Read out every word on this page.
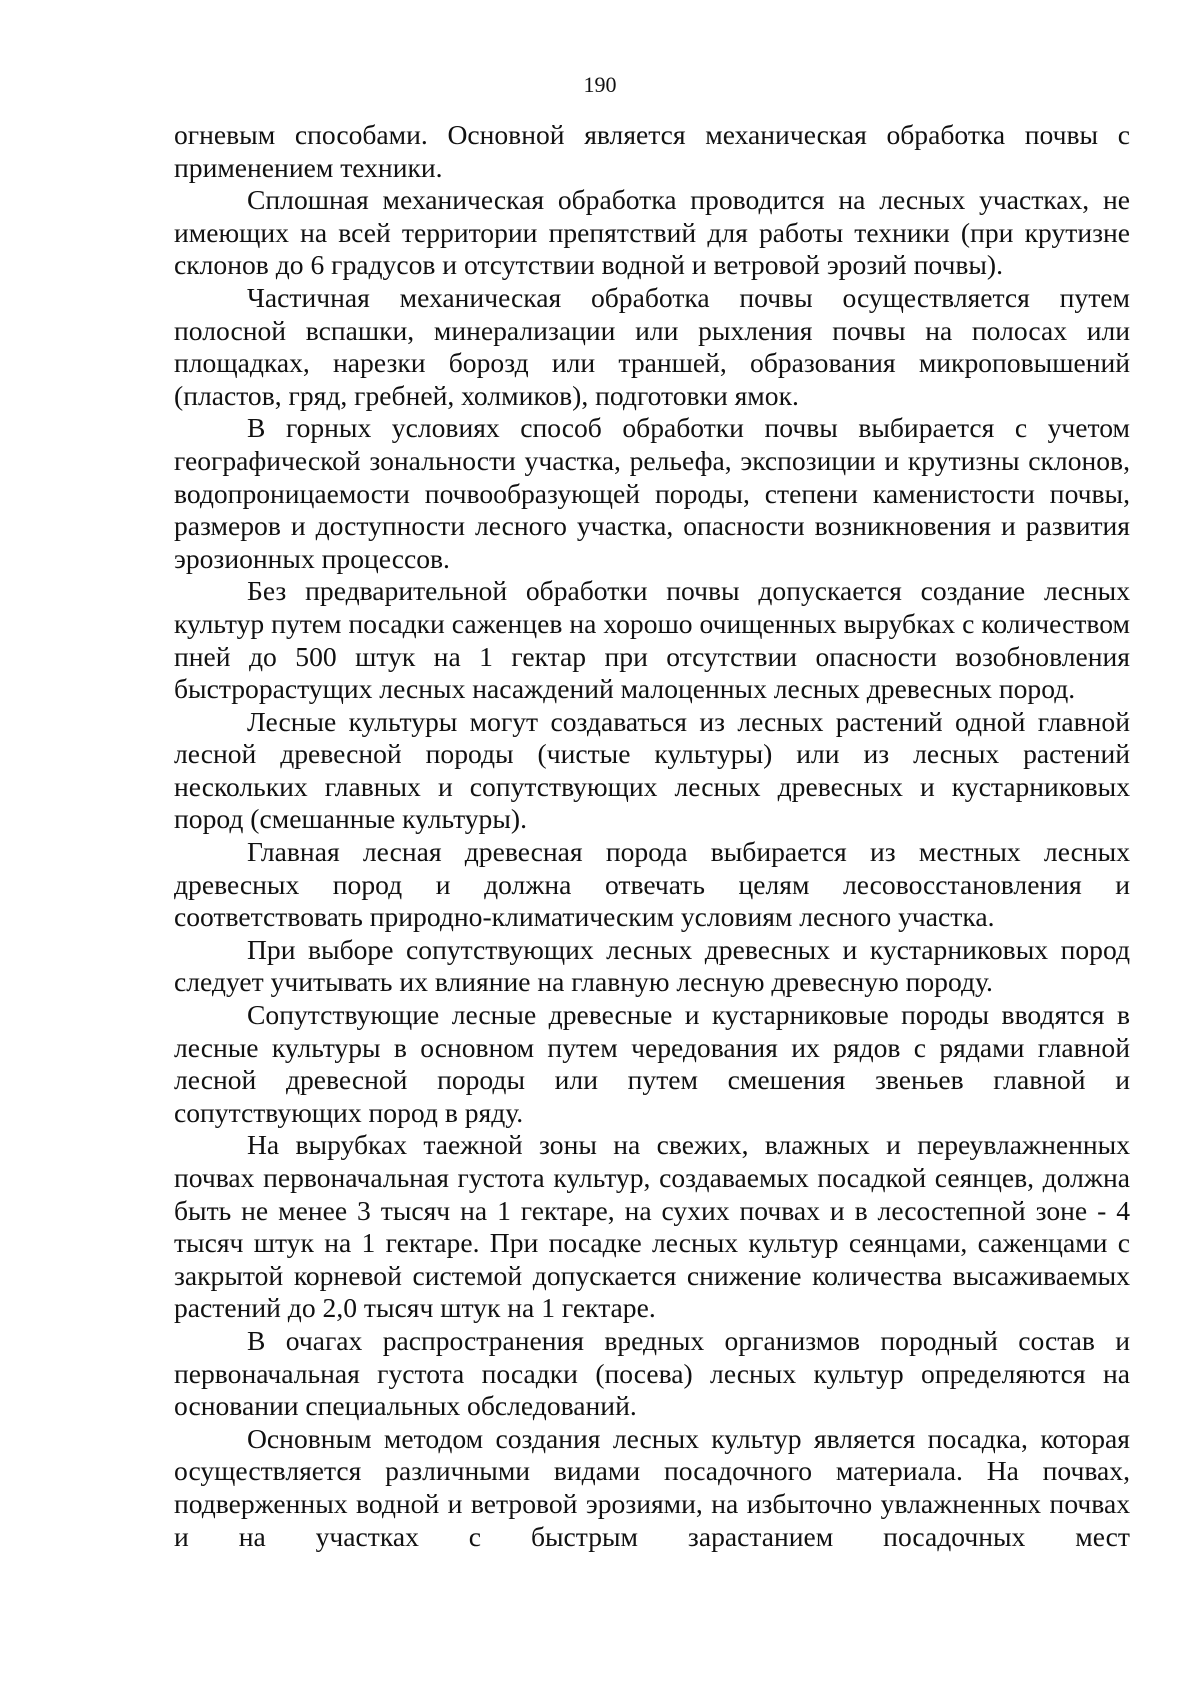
190

огневым способами. Основной является механическая обработка почвы с применением техники.

Сплошная механическая обработка проводится на лесных участках, не имеющих на всей территории препятствий для работы техники (при крутизне склонов до 6 градусов и отсутствии водной и ветровой эрозий почвы).

Частичная механическая обработка почвы осуществляется путем полосной вспашки, минерализации или рыхления почвы на полосах или площадках, нарезки борозд или траншей, образования микроповышений (пластов, гряд, гребней, холмиков), подготовки ямок.

В горных условиях способ обработки почвы выбирается с учетом географической зональности участка, рельефа, экспозиции и крутизны склонов, водопроницаемости почвообразующей породы, степени каменистости почвы, размеров и доступности лесного участка, опасности возникновения и развития эрозионных процессов.

Без предварительной обработки почвы допускается создание лесных культур путем посадки саженцев на хорошо очищенных вырубках с количеством пней до 500 штук на 1 гектар при отсутствии опасности возобновления быстрорастущих лесных насаждений малоценных лесных древесных пород.

Лесные культуры могут создаваться из лесных растений одной главной лесной древесной породы (чистые культуры) или из лесных растений нескольких главных и сопутствующих лесных древесных и кустарниковых пород (смешанные культуры).

Главная лесная древесная порода выбирается из местных лесных древесных пород и должна отвечать целям лесовосстановления и соответствовать природно-климатическим условиям лесного участка.

При выборе сопутствующих лесных древесных и кустарниковых пород следует учитывать их влияние на главную лесную древесную породу.

Сопутствующие лесные древесные и кустарниковые породы вводятся в лесные культуры в основном путем чередования их рядов с рядами главной лесной древесной породы или путем смешения звеньев главной и сопутствующих пород в ряду.

На вырубках таежной зоны на свежих, влажных и переувлажненных почвах первоначальная густота культур, создаваемых посадкой сеянцев, должна быть не менее 3 тысяч на 1 гектаре, на сухих почвах и в лесостепной зоне - 4 тысяч штук на 1 гектаре. При посадке лесных культур сеянцами, саженцами с закрытой корневой системой допускается снижение количества высаживаемых растений до 2,0 тысяч штук на 1 гектаре.

В очагах распространения вредных организмов породный состав и первоначальная густота посадки (посева) лесных культур определяются на основании специальных обследований.

Основным методом создания лесных культур является посадка, которая осуществляется различными видами посадочного материала. На почвах, подверженных водной и ветровой эрозиями, на избыточно увлажненных почвах и на участках с быстрым зарастанием посадочных мест
